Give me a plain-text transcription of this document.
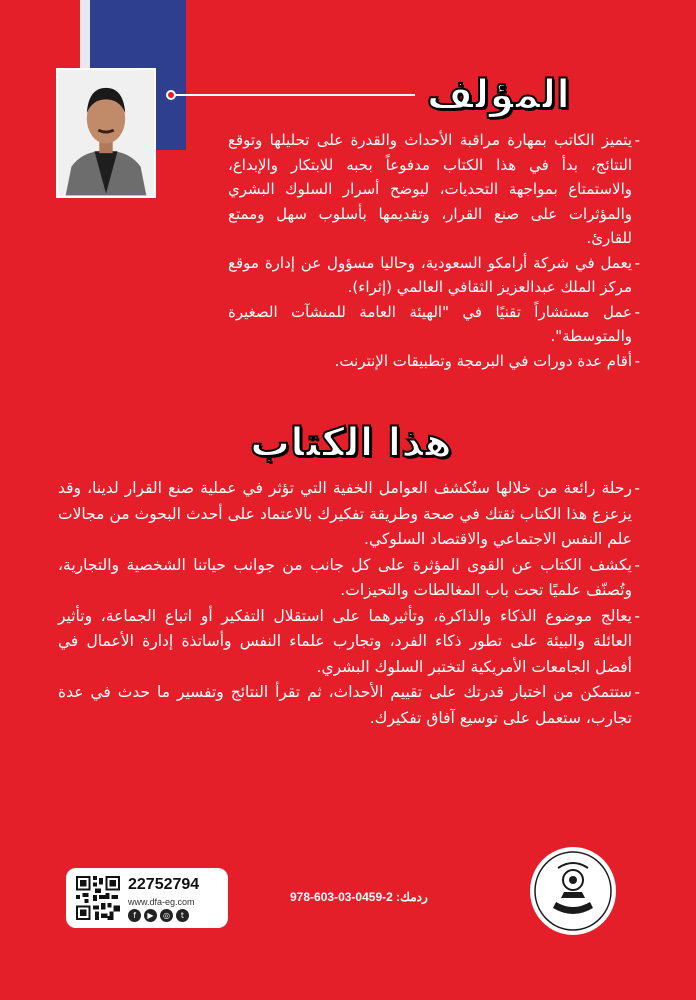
المؤلف
- يتميز الكاتب بمهارة مراقبة الأحداث والقدرة على تحليلها وتوقع النتائج، بدأ في هذا الكتاب مدفوعاً بحبه للابتكار والإبداع، والاستمتاع بمواجهة التحديات، ليوضح أسرار السلوك البشري والمؤثرات على صنع القرار، وتقديمها بأسلوب سهل وممتع للقارئ.
- يعمل في شركة أرامكو السعودية، وحاليا مسؤول عن إدارة موقع مركز الملك عبدالعزيز الثقافي العالمي (إثراء).
- عمل مستشاراً تقنيًا في "الهيئة العامة للمنشآت الصغيرة والمتوسطة".
- أقام عدة دورات في البرمجة وتطبيقات الإنترنت.
هذا الكتاب
- رحلة رائعة من خلالها ستُكشف العوامل الخفية التي تؤثر في عملية صنع القرار لدينا، وقد يزعزع هذا الكتاب ثقتك في صحة وطريقة تفكيرك بالاعتماد على أحدث البحوث من مجالات علم النفس الاجتماعي والاقتصاد السلوكي.
- يكشف الكتاب عن القوى المؤثرة على كل جانب من جوانب حياتنا الشخصية والتجارية، وتُصنّف علميًا تحت باب المغالطات والتحيزات.
- يعالج موضوع الذكاء والذاكرة، وتأثيرهما على استقلال التفكير أو اتباع الجماعة، وتأثير العائلة والبيئة على تطور ذكاء الفرد، وتجارب علماء النفس وأساتذة إدارة الأعمال في أفضل الجامعات الأمريكية لتختبر السلوك البشري.
- ستتمكن من اختبار قدرتك على تقييم الأحداث، ثم تقرأ النتائج وتفسير ما حدث في عدة تجارب، ستعمل على توسيع آفاق تفكيرك.
22752794
www.dfa-eg.com
f	▶	◎	t
ردمك: 2-0459-03-603-978
